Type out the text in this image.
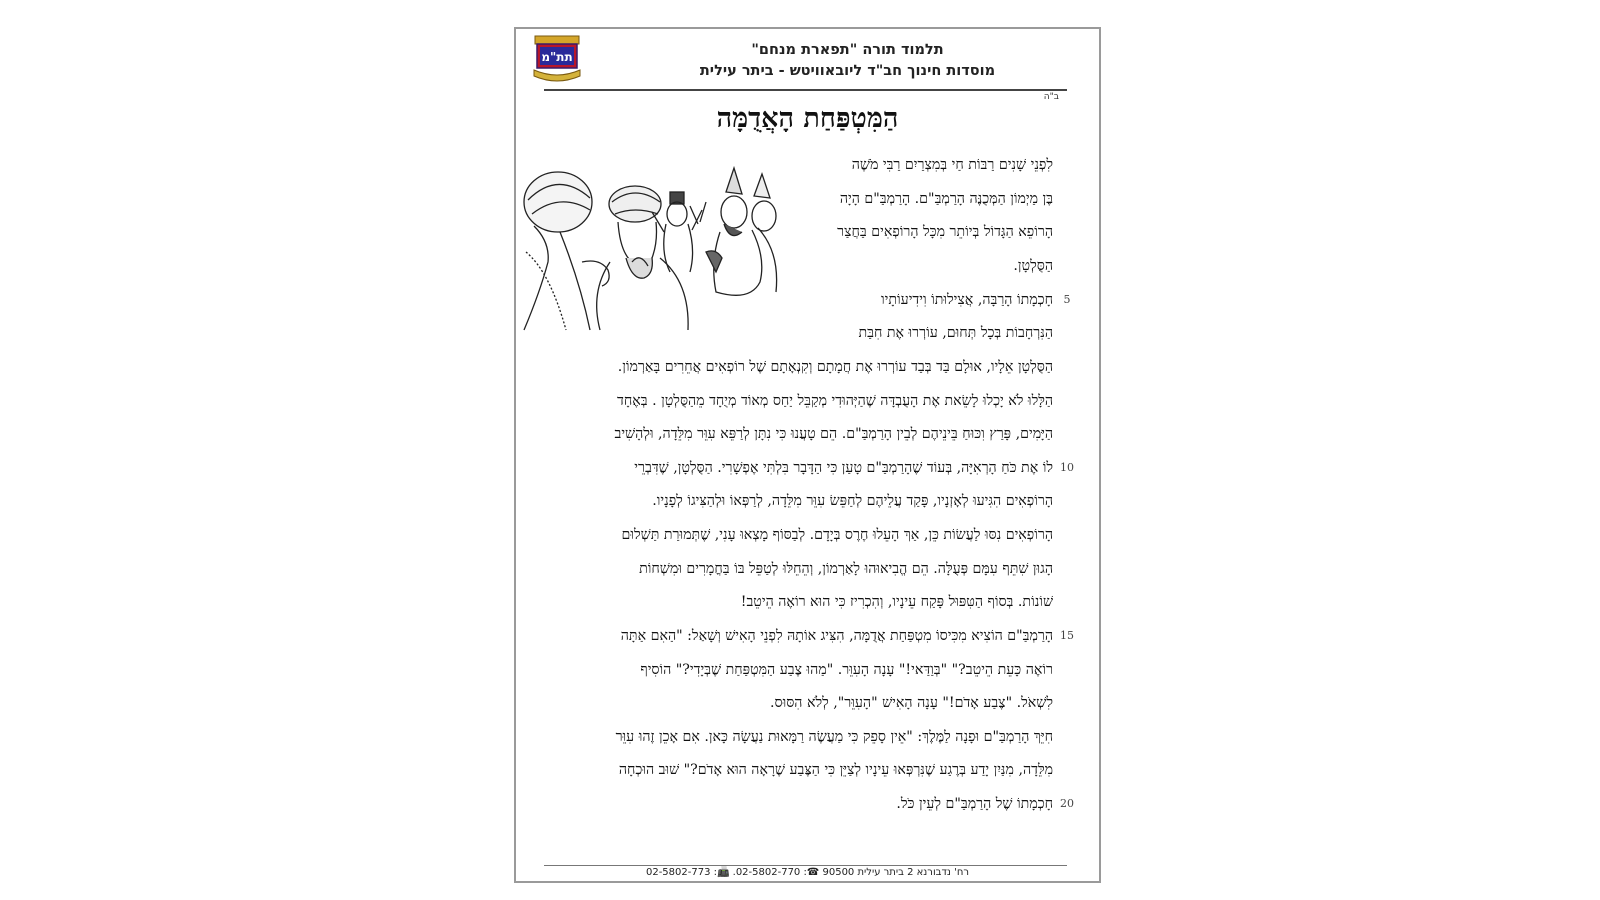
תת"מ	תלמוד תורה "תפארת מנחם"
מוסדות חינוך חב"ד ליובאוויטש - ביתר עילית
ב"ה
הַמִּטְפַּחַת הָאֲדֻמָּה
לִפְנֵי שָׁנִים רַבּוֹת חַי בְּמִצְרַיִם רַבִּי מֹשֶׁה
בֶּן מַיְמוֹן הַמְּכֻנֶּה הָרַמְבַּ"ם. הָרַמְבַּ"ם הָיָה
הָרוֹפֵא הַגָּדוֹל בְּיוֹתֵר מִכָּל הָרוֹפְאִים בַּחֲצַר
הַסֻּלְטָן.
חָכְמָתוֹ הָרַבָּה, אֲצִילוּתוֹ וִידִיעוֹתָיו
הַנִּרְחָבוֹת בְּכָל תְּחוּם, עוֹרְרוּ אֶת חִבַּת
הַסֻּלְטָן אֵלָיו, אוּלָם בַּד בְּבַד עוֹרְרוּ אֶת חֲמָתָם וְקִנְאָתָם שֶׁל רוֹפְאִים אֲחֵרִים בָּאַרְמוֹן.
הַלָּלוּ לֹא יָכְלוּ לָשֵׂאת אֶת הָעֻבְדָּה שֶׁהַיְּהוּדִי מְקַבֵּל יַחַס מְאוֹד מְיֻחָד מֵהַסֻּלְטָן . בְּאֶחָד
הַיָּמִים, פָּרַץ וִכּוּחַ בֵּינֵיהֶם לְבֵין הָרַמְבַּ"ם. הֵם טָעֲנוּ כִּי נִתָּן לְרַפֵּא עִוֵּר מִלֵּדָה, וּלְהָשִׁיב
לוֹ אֶת כֹּחַ הָרְאִיָּה, בְּעוֹד שֶׁהָרַמְבַּ"ם טָעַן כִּי הַדָּבָר בִּלְתִּי אֶפְשָׁרִי. הַסֻּלְטָן, שֶׁדִּבְרֵי
הָרוֹפְאִים הִגִּיעוּ לְאָזְנָיו, פָּקַד עֲלֵיהֶם לְחַפֵּשׂ עִוֵּר מִלֵּדָה, לְרַפְּאוֹ וּלְהַצִּיגוֹ לְפָנָיו.
הָרוֹפְאִים נִסּוּ לַעֲשׂוֹת כֵּן, אַךְ הָעֵלוּ חֶרֶס בְּיָדָם. לְבַסּוֹף מָצְאוּ עָנִי, שֶׁתְּמוּרַת תַּשְׁלוּם
הָגוּן שִׁתֵּף עִמָּם פְּעֻלָּה. הֵם הֱבִיאוּהוּ לָאַרְמוֹן, וְהֵחֵלּוּ לְטַפֵּל בּוֹ בַּחֳמָרִים וּמִשְׁחוֹת
שׁוֹנוֹת. בְּסוֹף הַטִּפּוּל פָּקַח עֵינָיו, וְהִכְרִיז כִּי הוּא רוֹאֶה הֵיטֵב!
הָרַמְבַּ"ם הוֹצִיא מִכִּיסוֹ מִטְפַּחַת אֲדֻמָּה, הִצִּיג אוֹתָהּ לִפְנֵי הָאִישׁ וְשָׁאַל: "הַאִם אַתָּה
רוֹאֶה כָּעֵת הֵיטֵב?" "בְּוַדַּאי!" עָנָה הָעִוֵּר. "מַהוּ צֶבַע הַמִּטְפַּחַת שֶׁבְּיָדִי?" הוֹסִיף
לִשְׁאֹל. "צֶבַע אָדֹם!" עָנָה הָאִישׁ "הָעִוֵּר", לְלֹא הִסּוּס.
חִיֵּךְ הָרַמְבַּ"ם וּפָנָה לַמֶּלֶךְ: "אֵין סָפֵק כִּי מַעֲשֶׂה רַמָּאוּת נַעֲשָׂה כָּאן. אִם אָכֵן זֶהוּ עִוֵּר
מִלֵּדָה, מִנַּיִן יָדַע בְּרֶגַע שֶׁנִּרְפְּאוּ עֵינָיו לְצַיֵּן כִּי הַצֶּבַע שֶׁרָאָה הוּא אָדֹם?" שׁוּב הוּכְחָה
חָכְמָתוֹ שֶׁל הָרַמְבַּ"ם לְעֵין כֹּל.
5
10
15
20
רח' נדבורנא 2 ביתר עילית 90500 ☎: 02-5802-770. 📠: 02-5802-773
